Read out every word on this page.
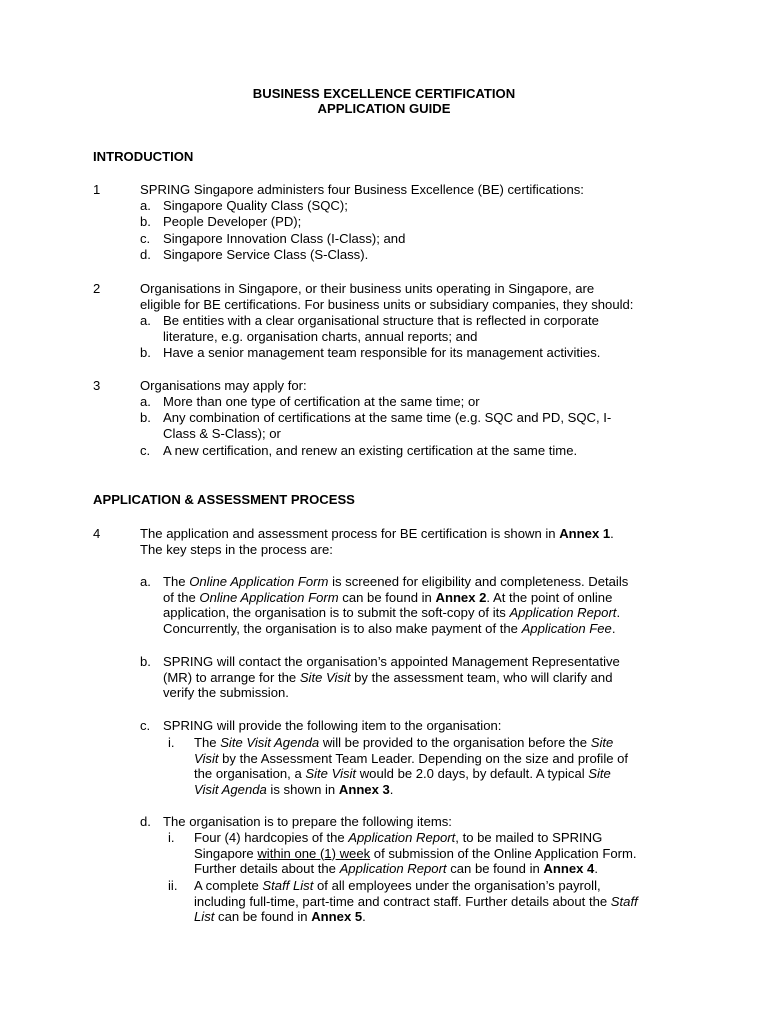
BUSINESS EXCELLENCE CERTIFICATION
APPLICATION GUIDE
INTRODUCTION
1	SPRING Singapore administers four Business Excellence (BE) certifications:
a. Singapore Quality Class (SQC);
b. People Developer (PD);
c. Singapore Innovation Class (I-Class); and
d. Singapore Service Class (S-Class).
2	Organisations in Singapore, or their business units operating in Singapore, are
eligible for BE certifications. For business units or subsidiary companies, they should:
a. Be entities with a clear organisational structure that is reflected in corporate
literature, e.g. organisation charts, annual reports; and
b. Have a senior management team responsible for its management activities.
3	Organisations may apply for:
a. More than one type of certification at the same time; or
b. Any combination of certifications at the same time (e.g. SQC and PD, SQC, I-
Class & S-Class); or
c. A new certification, and renew an existing certification at the same time.
APPLICATION & ASSESSMENT PROCESS
4	The application and assessment process for BE certification is shown in Annex 1.
The key steps in the process are:
a. The Online Application Form is screened for eligibility and completeness. Details
of the Online Application Form can be found in Annex 2. At the point of online
application, the organisation is to submit the soft-copy of its Application Report.
Concurrently, the organisation is to also make payment of the Application Fee.
b. SPRING will contact the organisation’s appointed Management Representative
(MR) to arrange for the Site Visit by the assessment team, who will clarify and
verify the submission.
c. SPRING will provide the following item to the organisation:
i. The Site Visit Agenda will be provided to the organisation before the Site
Visit by the Assessment Team Leader. Depending on the size and profile of
the organisation, a Site Visit would be 2.0 days, by default. A typical Site
Visit Agenda is shown in Annex 3.
d. The organisation is to prepare the following items:
i. Four (4) hardcopies of the Application Report, to be mailed to SPRING
Singapore within one (1) week of submission of the Online Application Form.
Further details about the Application Report can be found in Annex 4.
ii. A complete Staff List of all employees under the organisation’s payroll,
including full-time, part-time and contract staff. Further details about the Staff
List can be found in Annex 5.
